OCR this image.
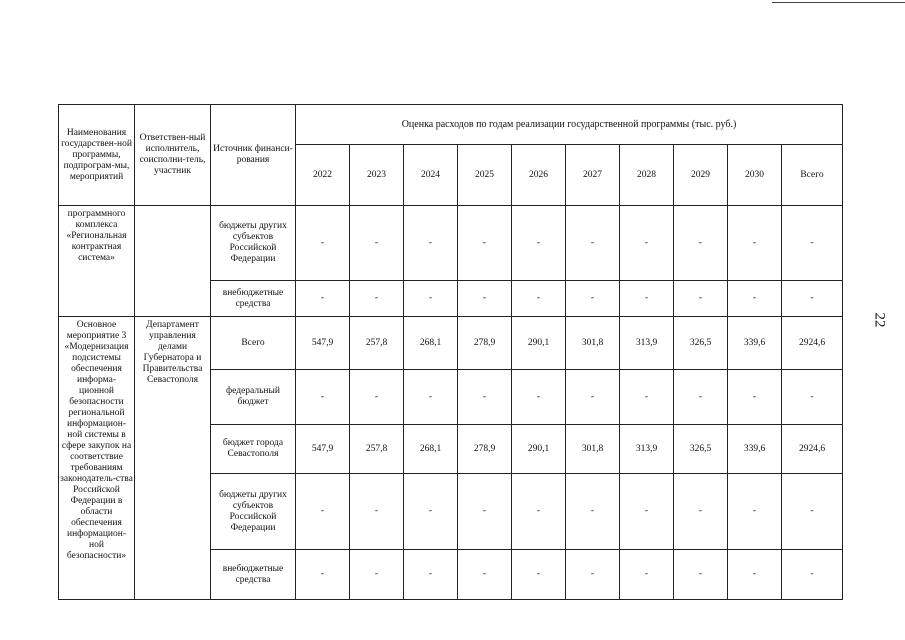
22
Наименования государствен-ной программы, подпрограм-мы, мероприятий	Ответствен-ный исполнитель, соисполни-тель, участник	Источник финанси-рования	Оценка расходов по годам реализации государственной программы (тыс. руб.)									
			2022	2023	2024	2025	2026	2027	2028	2029	2030	Всего
программного комплекса «Региональная контрактная система»		бюджеты других субъектов Российской Федерации	-	-	-	-	-	-	-	-	-	-
		внебюджетные средства	-	-	-	-	-	-	-	-	-	-
Основное мероприятие 3 «Модернизация подсистемы обеспечения информа-ционной безопасности региональной информацион-ной системы в сфере закупок на соответствие требованиям законодатель-ства Российской Федерации в области обеспечения информацион-ной безопасности»	Департамент управления делами Губернатора и Правительства Севастополя	Всего	547,9	257,8	268,1	278,9	290,1	301,8	313,9	326,5	339,6	2924,6
		федеральный бюджет	-	-	-	-	-	-	-	-	-	-
		бюджет города Севастополя	547,9	257,8	268,1	278,9	290,1	301,8	313,9	326,5	339,6	2924,6
		бюджеты других субъектов Российской Федерации	-	-	-	-	-	-	-	-	-	-
		внебюджетные средства	-	-	-	-	-	-	-	-	-	-
